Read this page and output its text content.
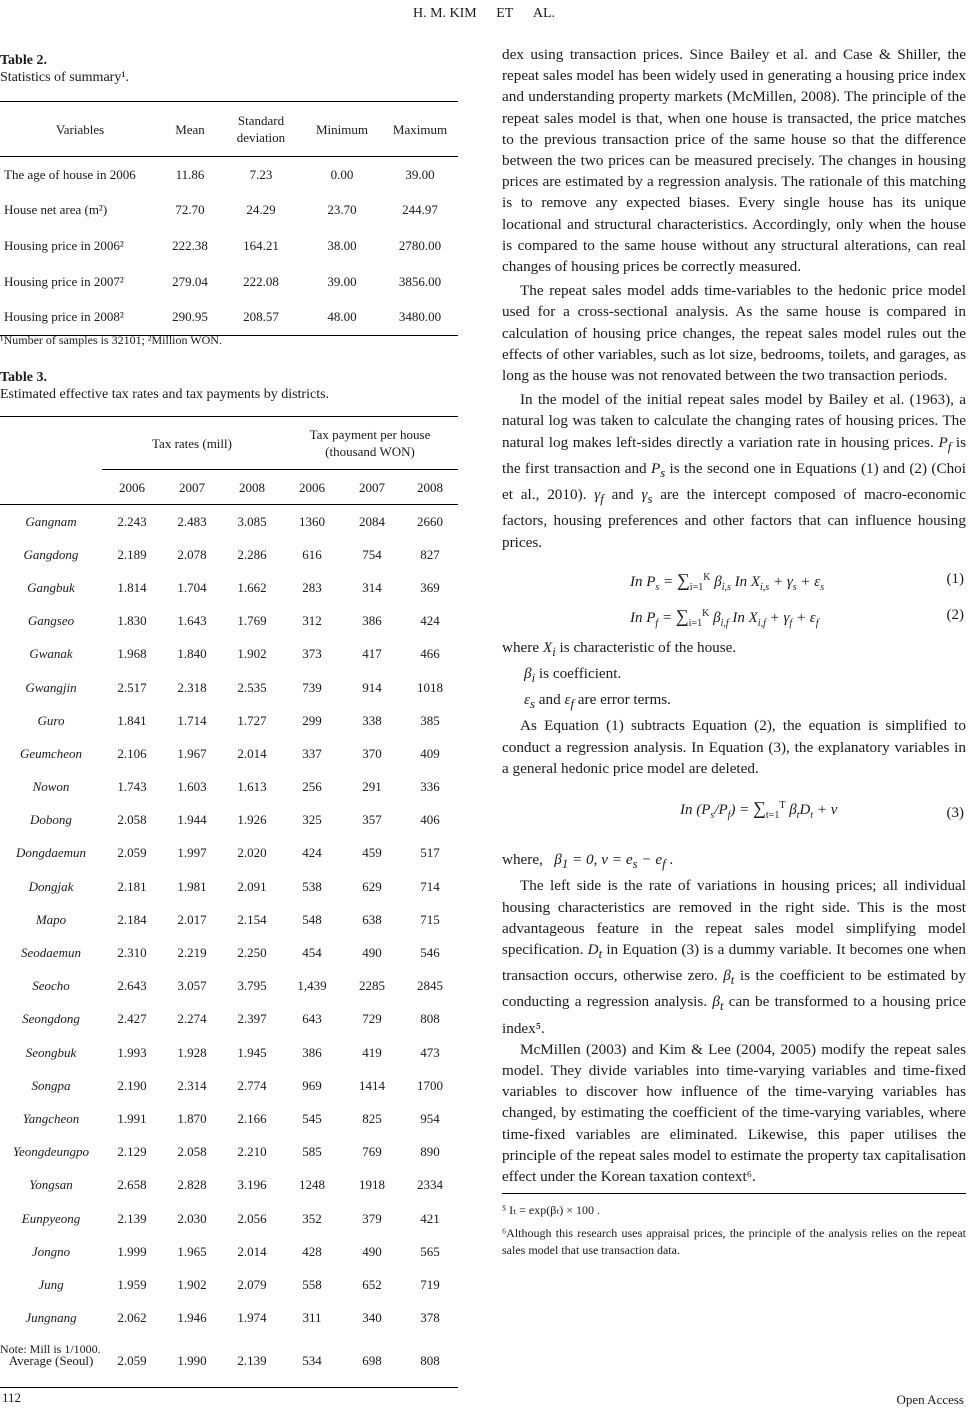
H. M. KIM ET AL.
Table 2.
Statistics of summary¹.
Variables	Mean	Standard deviation	Minimum	Maximum
The age of house in 2006	11.86	7.23	0.00	39.00
House net area (m²)	72.70	24.29	23.70	244.97
Housing price in 2006²	222.38	164.21	38.00	2780.00
Housing price in 2007²	279.04	222.08	39.00	3856.00
Housing price in 2008²	290.95	208.57	48.00	3480.00
¹Number of samples is 32101; ²Million WON.
Table 3.
Estimated effective tax rates and tax payments by districts.
	Tax rates (mill)			Tax payment per house (thousand WON)		
	2006	2007	2008	2006	2007	2008
Gangnam	2.243	2.483	3.085	1360	2084	2660
Gangdong	2.189	2.078	2.286	616	754	827
Gangbuk	1.814	1.704	1.662	283	314	369
Gangseo	1.830	1.643	1.769	312	386	424
Gwanak	1.968	1.840	1.902	373	417	466
Gwangjin	2.517	2.318	2.535	739	914	1018
Guro	1.841	1.714	1.727	299	338	385
Geumcheon	2.106	1.967	2.014	337	370	409
Nowon	1.743	1.603	1.613	256	291	336
Dobong	2.058	1.944	1.926	325	357	406
Dongdaemun	2.059	1.997	2.020	424	459	517
Dongjak	2.181	1.981	2.091	538	629	714
Mapo	2.184	2.017	2.154	548	638	715
Seodaemun	2.310	2.219	2.250	454	490	546
Seocho	2.643	3.057	3.795	1,439	2285	2845
Seongdong	2.427	2.274	2.397	643	729	808
Seongbuk	1.993	1.928	1.945	386	419	473
Songpa	2.190	2.314	2.774	969	1414	1700
Yangcheon	1.991	1.870	2.166	545	825	954
Yeongdeungpo	2.129	2.058	2.210	585	769	890
Yongsan	2.658	2.828	3.196	1248	1918	2334
Eunpyeong	2.139	2.030	2.056	352	379	421
Jongno	1.999	1.965	2.014	428	490	565
Jung	1.959	1.902	2.079	558	652	719
Jungnang	2.062	1.946	1.974	311	340	378
Average (Seoul)	2.059	1.990	2.139	534	698	808
Note: Mill is 1/1000.

dex using transaction prices. Since Bailey et al. and Case & Shiller, the repeat sales model has been widely used in generating a housing price index and understanding property markets (McMillen, 2008). The principle of the repeat sales model is that, when one house is transacted, the price matches to the previous transaction price of the same house so that the difference between the two prices can be measured precisely. The changes in housing prices are estimated by a regression analysis. The rationale of this matching is to remove any expected biases. Every single house has its unique locational and structural characteristics. Accordingly, only when the house is compared to the same house without any structural alterations, can real changes of housing prices be correctly measured.

The repeat sales model adds time-variables to the hedonic price model used for a cross-sectional analysis. As the same house is compared in calculation of housing price changes, the repeat sales model rules out the effects of other variables, such as lot size, bedrooms, toilets, and garages, as long as the house was not renovated between the two transaction periods.

In the model of the initial repeat sales model by Bailey et al. (1963), a natural log was taken to calculate the changing rates of housing prices. The natural log makes left-sides directly a variation rate in housing prices. $P_f$ is the first transaction and $P_s$ is the second one in Equations (1) and (2) (Choi et al., 2010). $\gamma_f$ and $\gamma_s$ are the intercept composed of macro-economic factors, housing preferences and other factors that can influence housing prices.

In $P_s = \sum_{i=1}^K$ $\beta_{i,s}$ In $X_{i,s} + \gamma_s + \varepsilon_s$
(1)
In $P_f = \sum_{i=1}^K$ $\beta_{i,f}$ In $X_{i,f} + \gamma_f + \varepsilon_f$
(2)

where $X_i$ is characteristic of the house.

$\beta_i$ is coefficient.

$\varepsilon_s$ and $\varepsilon_f$ are error terms.

As Equation (1) subtracts Equation (2), the equation is simplified to conduct a regression analysis. In Equation (3), the explanatory variables in a general hedonic price model are deleted.

In $(P_s/P_f) = \sum_{t=1}^T$ $\beta_tD_t + v$	(3)

where, $\beta_1 = 0$, $v = e_s - e_f$ .

The left side is the rate of variations in housing prices; all individual housing characteristics are removed in the right side. This is the most advantageous feature in the repeat sales model simplifying model specification. $D_t$ in Equation (3) is a dummy variable. It becomes one when transaction occurs, otherwise zero. $\beta_t$ is the coefficient to be estimated by conducting a regression analysis. $\beta_t$ can be transformed to a housing price index⁵.

McMillen (2003) and Kim & Lee (2004, 2005) modify the repeat sales model. They divide variables into time-varying variables and time-fixed variables to discover how influence of the time-varying variables has changed, by estimating the coefficient of the time-varying variables, where time-fixed variables are eliminated. Likewise, this paper utilises the principle of the repeat sales model to estimate the property tax capitalisation effect under the Korean taxation context⁶.

⁵ Iₜ = exp(βₜ) × 100 .
⁶Although this research uses appraisal prices, the principle of the analysis relies on the repeat sales model that use transaction data.
112	Open Access
